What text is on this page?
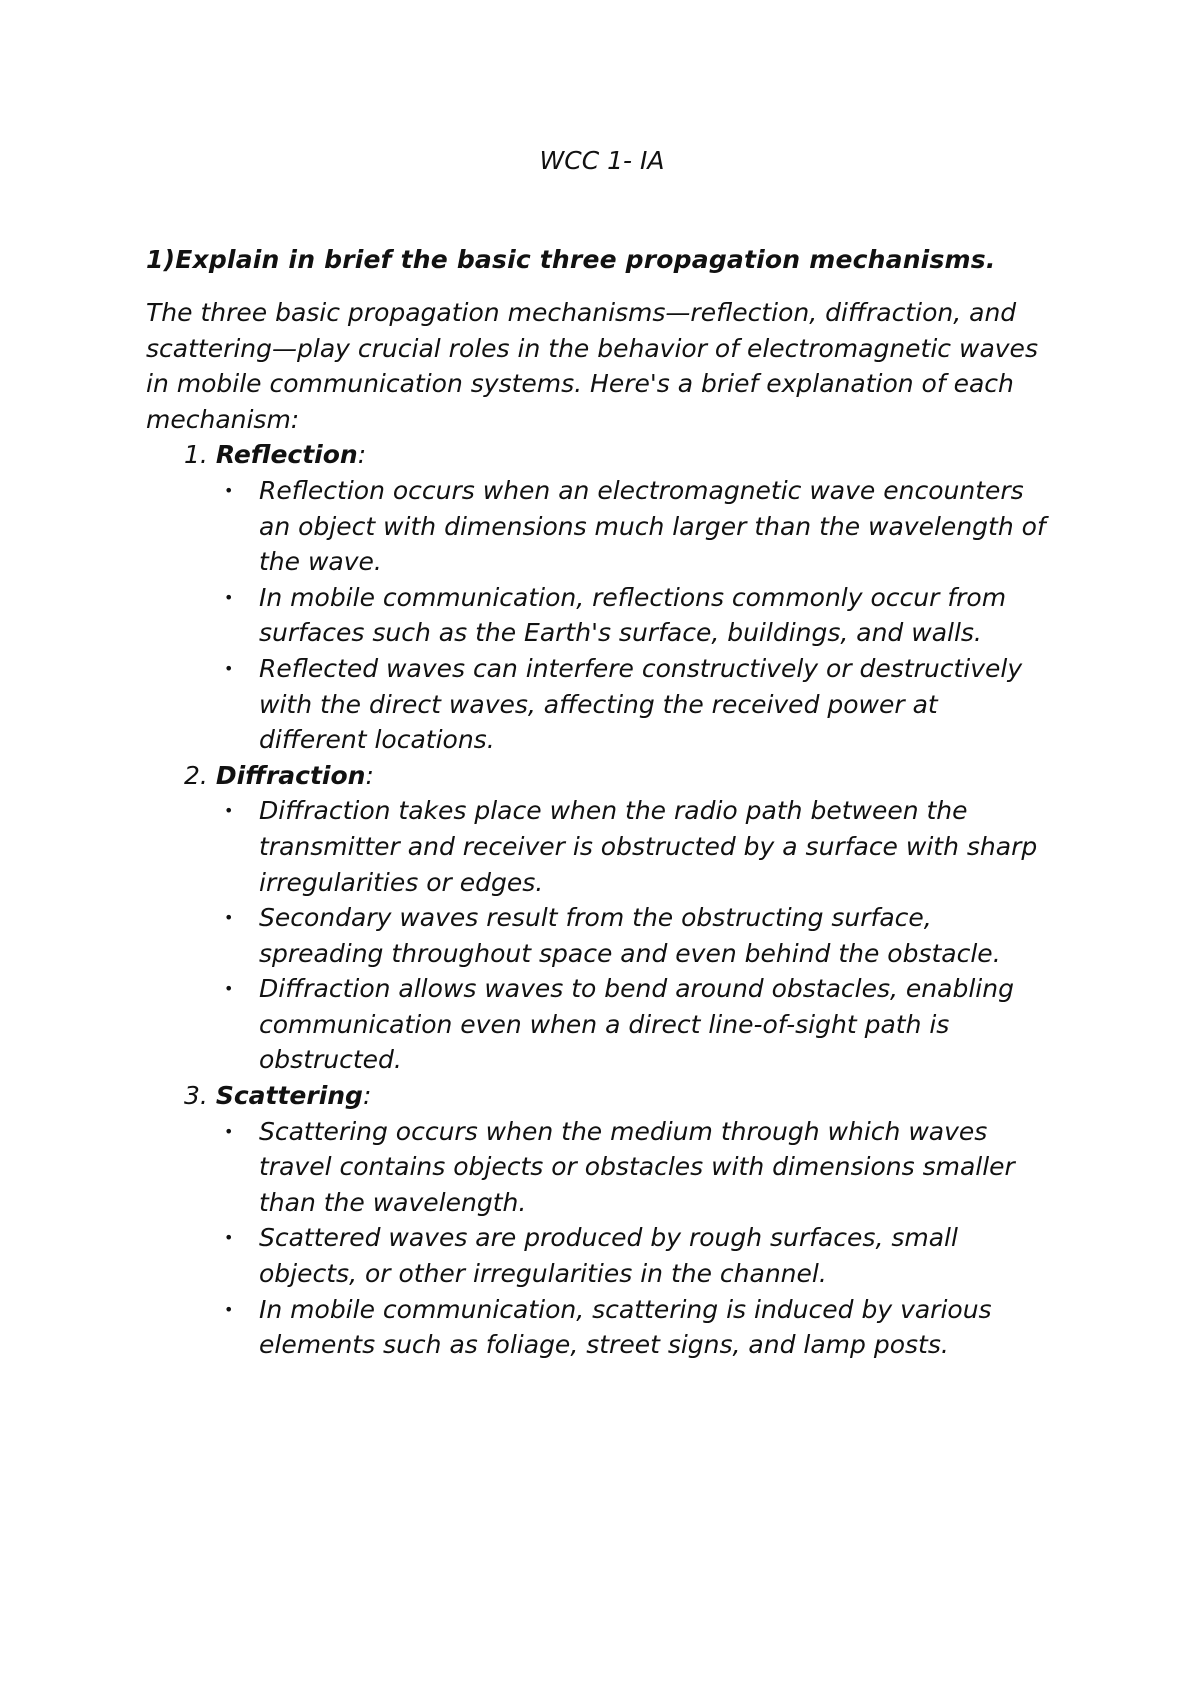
WCC 1- IA

1)Explain in brief the basic three propagation mechanisms.

The three basic propagation mechanisms—reflection, diffraction, and scattering—play crucial roles in the behavior of electromagnetic waves in mobile communication systems. Here's a brief explanation of each mechanism:

1. Reflection:
• Reflection occurs when an electromagnetic wave encounters an object with dimensions much larger than the wavelength of the wave.
• In mobile communication, reflections commonly occur from surfaces such as the Earth's surface, buildings, and walls.
• Reflected waves can interfere constructively or destructively with the direct waves, affecting the received power at different locations.
2. Diffraction:
• Diffraction takes place when the radio path between the transmitter and receiver is obstructed by a surface with sharp irregularities or edges.
• Secondary waves result from the obstructing surface, spreading throughout space and even behind the obstacle.
• Diffraction allows waves to bend around obstacles, enabling communication even when a direct line-of-sight path is obstructed.
3. Scattering:
• Scattering occurs when the medium through which waves travel contains objects or obstacles with dimensions smaller than the wavelength.
• Scattered waves are produced by rough surfaces, small objects, or other irregularities in the channel.
• In mobile communication, scattering is induced by various elements such as foliage, street signs, and lamp posts.
